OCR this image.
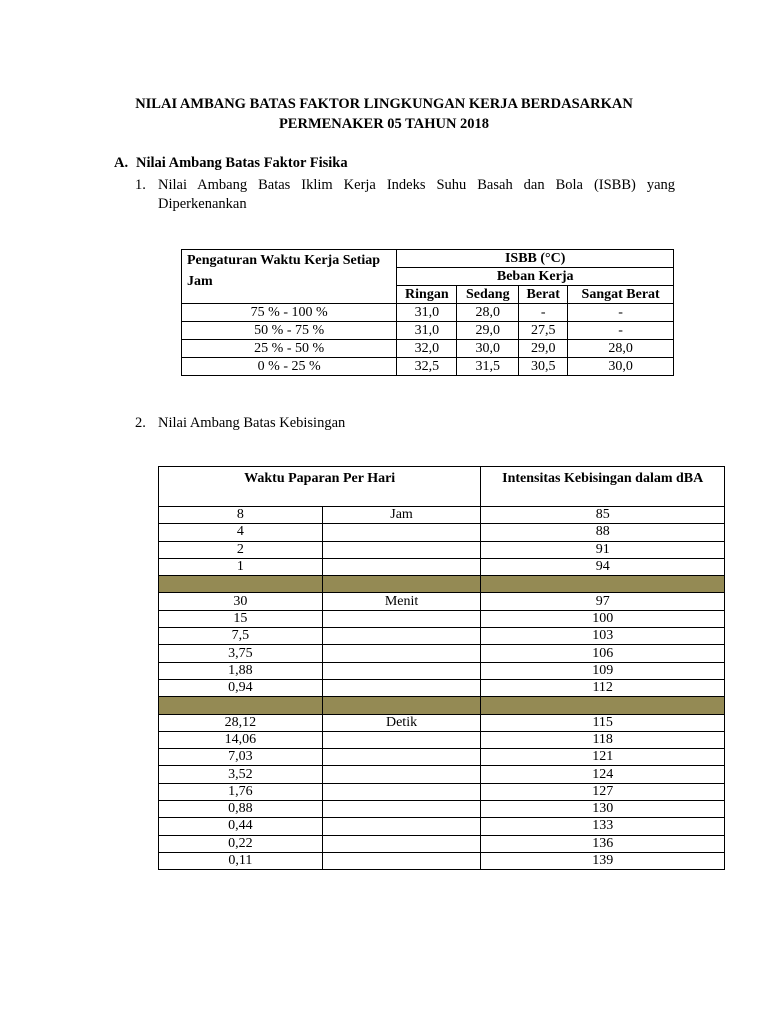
NILAI AMBANG BATAS FAKTOR LINGKUNGAN KERJA BERDASARKAN
PERMENAKER 05 TAHUN 2018
A. Nilai Ambang Batas Faktor Fisika
1. Nilai Ambang Batas Iklim Kerja Indeks Suhu Basah dan Bola (ISBB) yang Diperkenankan
Pengaturan Waktu Kerja Setiap Jam	ISBB (°C)			
	Beban Kerja			
	Ringan	Sedang	Berat	Sangat Berat
75 % - 100 %	31,0	28,0	-	-
50 % - 75 %	31,0	29,0	27,5	-
25 % - 50 %	32,0	30,0	29,0	28,0
0 % - 25 %	32,5	31,5	30,5	30,0
2. Nilai Ambang Batas Kebisingan
Waktu Paparan Per Hari		Intensitas Kebisingan dalam dBA
8	Jam	85
4		88
2		91
1		94

30	Menit	97
15		100
7,5		103
3,75		106
1,88		109
0,94		112

28,12	Detik	115
14,06		118
7,03		121
3,52		124
1,76		127
0,88		130
0,44		133
0,22		136
0,11		139
